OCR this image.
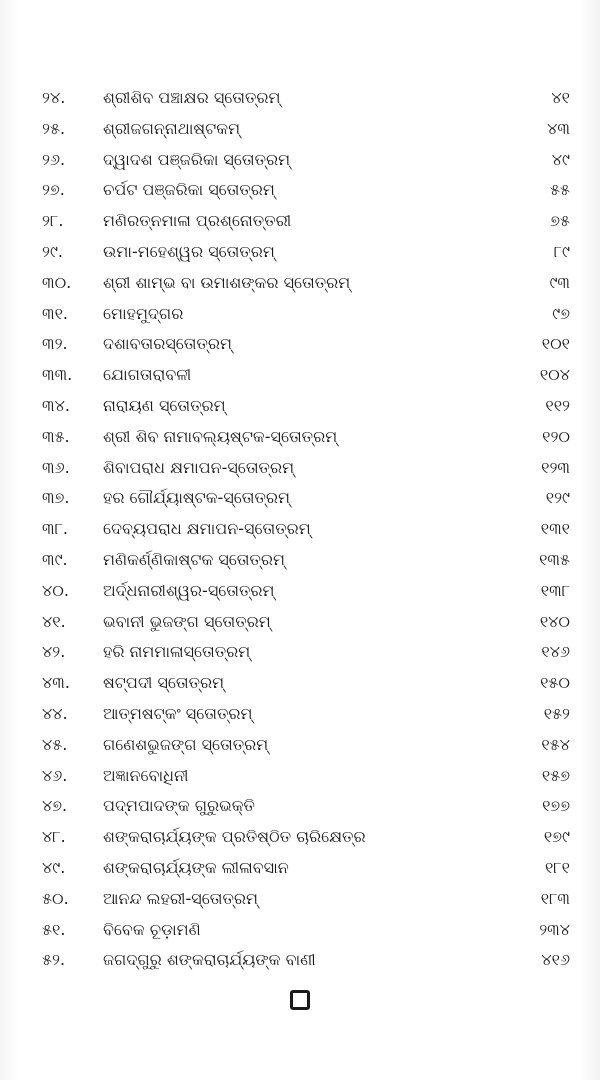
୨୪.	ଶ୍ରୀଶିବ ପଞ୍ଚାକ୍ଷର ସ୍ତୋତ୍ରମ୍	୪୧
୨୫.	ଶ୍ରୀଜଗନ୍ନାଥାଷ୍ଟକମ୍	୪୩
୨୬.	ଦ୍ୱାଦଶ ପଞ୍ଜରିକା ସ୍ତୋତ୍ରମ୍	୪୯
୨୭.	ଚର୍ପଟ ପଞ୍ଜରିକା ସ୍ତୋତ୍ରମ୍	୫୫
୨୮.	ମଣିରତ୍ନମାଳା ପ୍ରଶ୍ନୋତ୍ତରୀ	୭୫
୨୯.	ଉମା-ମହେଶ୍ୱର ସ୍ତୋତ୍ରମ୍	୮୯
୩୦.	ଶ୍ରୀ ଶାମ୍ଭ ବା ଉମାଶଙ୍କର ସ୍ତୋତ୍ରମ୍	୯୩
୩୧.	ମୋହମୁଦ୍‌ଗର	୯୭
୩୨.	ଦଶାବତାରସ୍ତୋତ୍ରମ୍	୧୦୧
୩୩.	ଯୋଗତାରାବଳୀ	୧୦୪
୩୪.	ନାରାୟଣ ସ୍ତୋତ୍ରମ୍	୧୧୨
୩୫.	ଶ୍ରୀ ଶିବ ନାମାବଲ୍ୟଷ୍ଟକ-ସ୍ତୋତ୍ରମ୍	୧୨୦
୩୬.	ଶିବାପରାଧ କ୍ଷମାପନ-ସ୍ତୋତ୍ରମ୍	୧୨୩
୩୭.	ହର ଗୌର୍ଯ୍ୟାଷ୍ଟକ-ସ୍ତୋତ୍ରମ୍	୧୨୯
୩୮.	ଦେବ୍ୟପରାଧ କ୍ଷମାପନ-ସ୍ତୋତ୍ରମ୍	୧୩୧
୩୯.	ମଣିକର୍ଣ୍ଣିକାଷ୍ଟକ ସ୍ତୋତ୍ରମ୍	୧୩୫
୪୦.	ଅର୍ଦ୍ଧନାରୀଶ୍ୱର-ସ୍ତୋତ୍ରମ୍	୧୩୮
୪୧.	ଭବାନୀ ଭୁଜଙ୍ଗ ସ୍ତୋତ୍ରମ୍	୧୪୦
୪୨.	ହରି ନାମମାଳାସ୍ତୋତ୍ରମ୍	୧୪୬
୪୩.	ଷଟ୍‌ପଦୀ ସ୍ତୋତ୍ରମ୍	୧୫୦
୪୪.	ଆତ୍ମଷଟ୍‌କଂ ସ୍ତୋତ୍ରମ୍	୧୫୨
୪୫.	ଗଣେଶଭୁଜଙ୍ଗ ସ୍ତୋତ୍ରମ୍	୧୫୪
୪୬.	ଅଜ୍ଞାନବୋଧିନୀ	୧୫୭
୪୭.	ପଦ୍ମପାଦଙ୍କ ଗୁରୁଭକ୍ତି	୧୭୭
୪୮.	ଶଙ୍କରାଚାର୍ଯ୍ୟଙ୍କ ପ୍ରତିଷ୍ଠିତ ଚାରିକ୍ଷେତ୍ର	୧୭୯
୪୯.	ଶଙ୍କରାଚାର୍ଯ୍ୟଙ୍କ ଲୀଳାବସାନ	୧୮୧
୫୦.	ଆନନ୍ଦ ଲହରୀ-ସ୍ତୋତ୍ରମ୍	୧୮୩
୫୧.	ବିବେକ ଚୂଡ଼ାମଣି	୨୩୪
୫୨.	ଜଗଦ୍‌ଗୁରୁ ଶଙ୍କରାଚାର୍ଯ୍ୟଙ୍କ ବାଣୀ	୪୧୬
